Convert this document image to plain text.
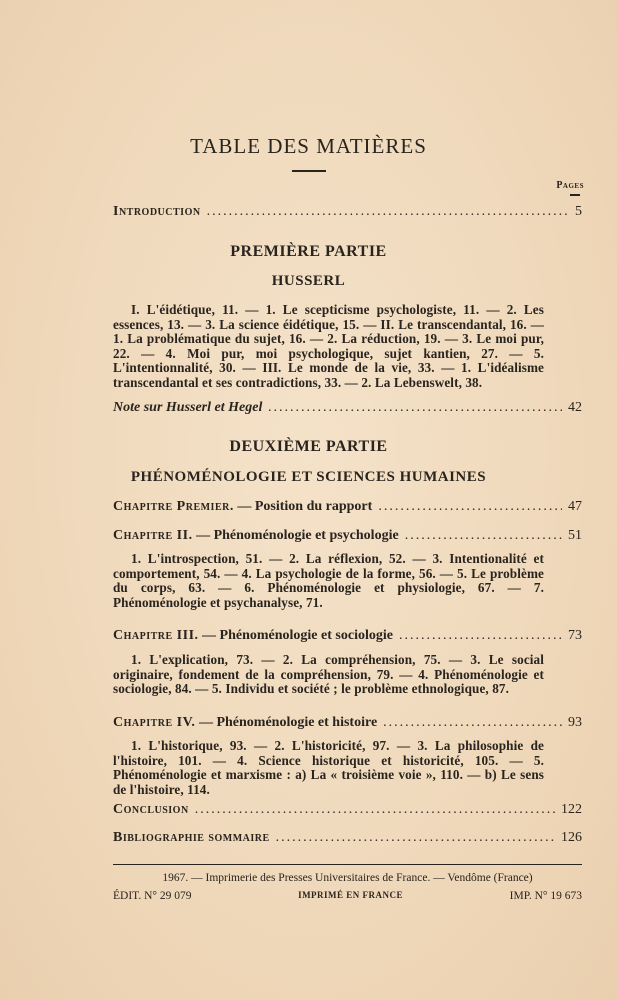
TABLE DES MATIÈRES
Pages
Introduction .....	5
PREMIÈRE PARTIE
HUSSERL
I. L'éidétique, 11. — 1. Le scepticisme psychologiste, 11. — 2. Les essences, 13. — 3. La science éidétique, 15. — II. Le transcendantal, 16. — 1. La problématique du sujet, 16. — 2. La réduction, 19. — 3. Le moi pur, 22. — 4. Moi pur, moi psychologique, sujet kantien, 27. — 5. L'intentionnalité, 30. — III. Le monde de la vie, 33. — 1. L'idéalisme transcendantal et ses contradictions, 33. — 2. La Lebenswelt, 38.
Note sur Husserl et Hegel .....	42
DEUXIÈME PARTIE
PHÉNOMÉNOLOGIE ET SCIENCES HUMAINES
Chapitre Premier. — Position du rapport .....	47
Chapitre II. — Phénoménologie et psychologie .....	51
1. L'introspection, 51. — 2. La réflexion, 52. — 3. Intentionalité et comportement, 54. — 4. La psychologie de la forme, 56. — 5. Le problème du corps, 63. — 6. Phénoménologie et physiologie, 67. — 7. Phénoménologie et psychanalyse, 71.
Chapitre III. — Phénoménologie et sociologie .....	73
1. L'explication, 73. — 2. La compréhension, 75. — 3. Le social originaire, fondement de la compréhension, 79. — 4. Phénoménologie et sociologie, 84. — 5. Individu et société ; le problème ethnologique, 87.
Chapitre IV. — Phénoménologie et histoire .....	93
1. L'historique, 93. — 2. L'historicité, 97. — 3. La philosophie de l'histoire, 101. — 4. Science historique et historicité, 105. — 5. Phénoménologie et marxisme : a) La « troisième voie », 110. — b) Le sens de l'histoire, 114.
Conclusion .....	122
Bibliographie sommaire .....	126
1967. — Imprimerie des Presses Universitaires de France. — Vendôme (France)
ÉDIT. N° 29 079	IMPRIMÉ EN FRANCE	IMP. N° 19 673
